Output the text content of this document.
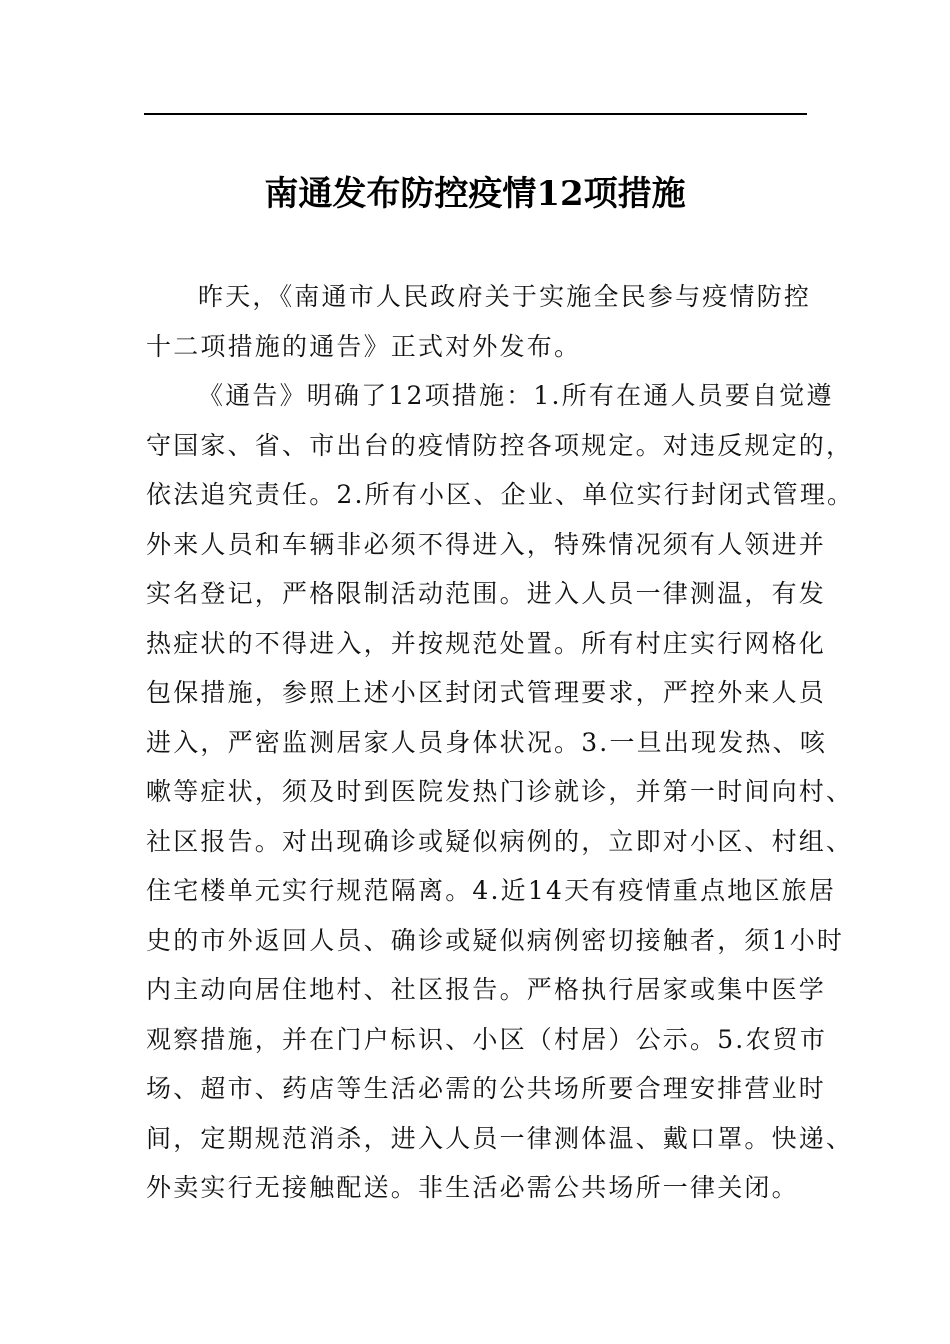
南通发布防控疫情12项措施
昨天，《南通市人民政府关于实施全民参与疫情防控
十二项措施的通告》正式对外发布。
《通告》明确了12项措施：1.所有在通人员要自觉遵
守国家、省、市出台的疫情防控各项规定。对违反规定的，
依法追究责任。2.所有小区、企业、单位实行封闭式管理。
外来人员和车辆非必须不得进入，特殊情况须有人领进并
实名登记，严格限制活动范围。进入人员一律测温，有发
热症状的不得进入，并按规范处置。所有村庄实行网格化
包保措施，参照上述小区封闭式管理要求，严控外来人员
进入，严密监测居家人员身体状况。3.一旦出现发热、咳
嗽等症状，须及时到医院发热门诊就诊，并第一时间向村、
社区报告。对出现确诊或疑似病例的，立即对小区、村组、
住宅楼单元实行规范隔离。4.近14天有疫情重点地区旅居
史的市外返回人员、确诊或疑似病例密切接触者，须1小时
内主动向居住地村、社区报告。严格执行居家或集中医学
观察措施，并在门户标识、小区（村居）公示。5.农贸市
场、超市、药店等生活必需的公共场所要合理安排营业时
间，定期规范消杀，进入人员一律测体温、戴口罩。快递、
外卖实行无接触配送。非生活必需公共场所一律关闭。
